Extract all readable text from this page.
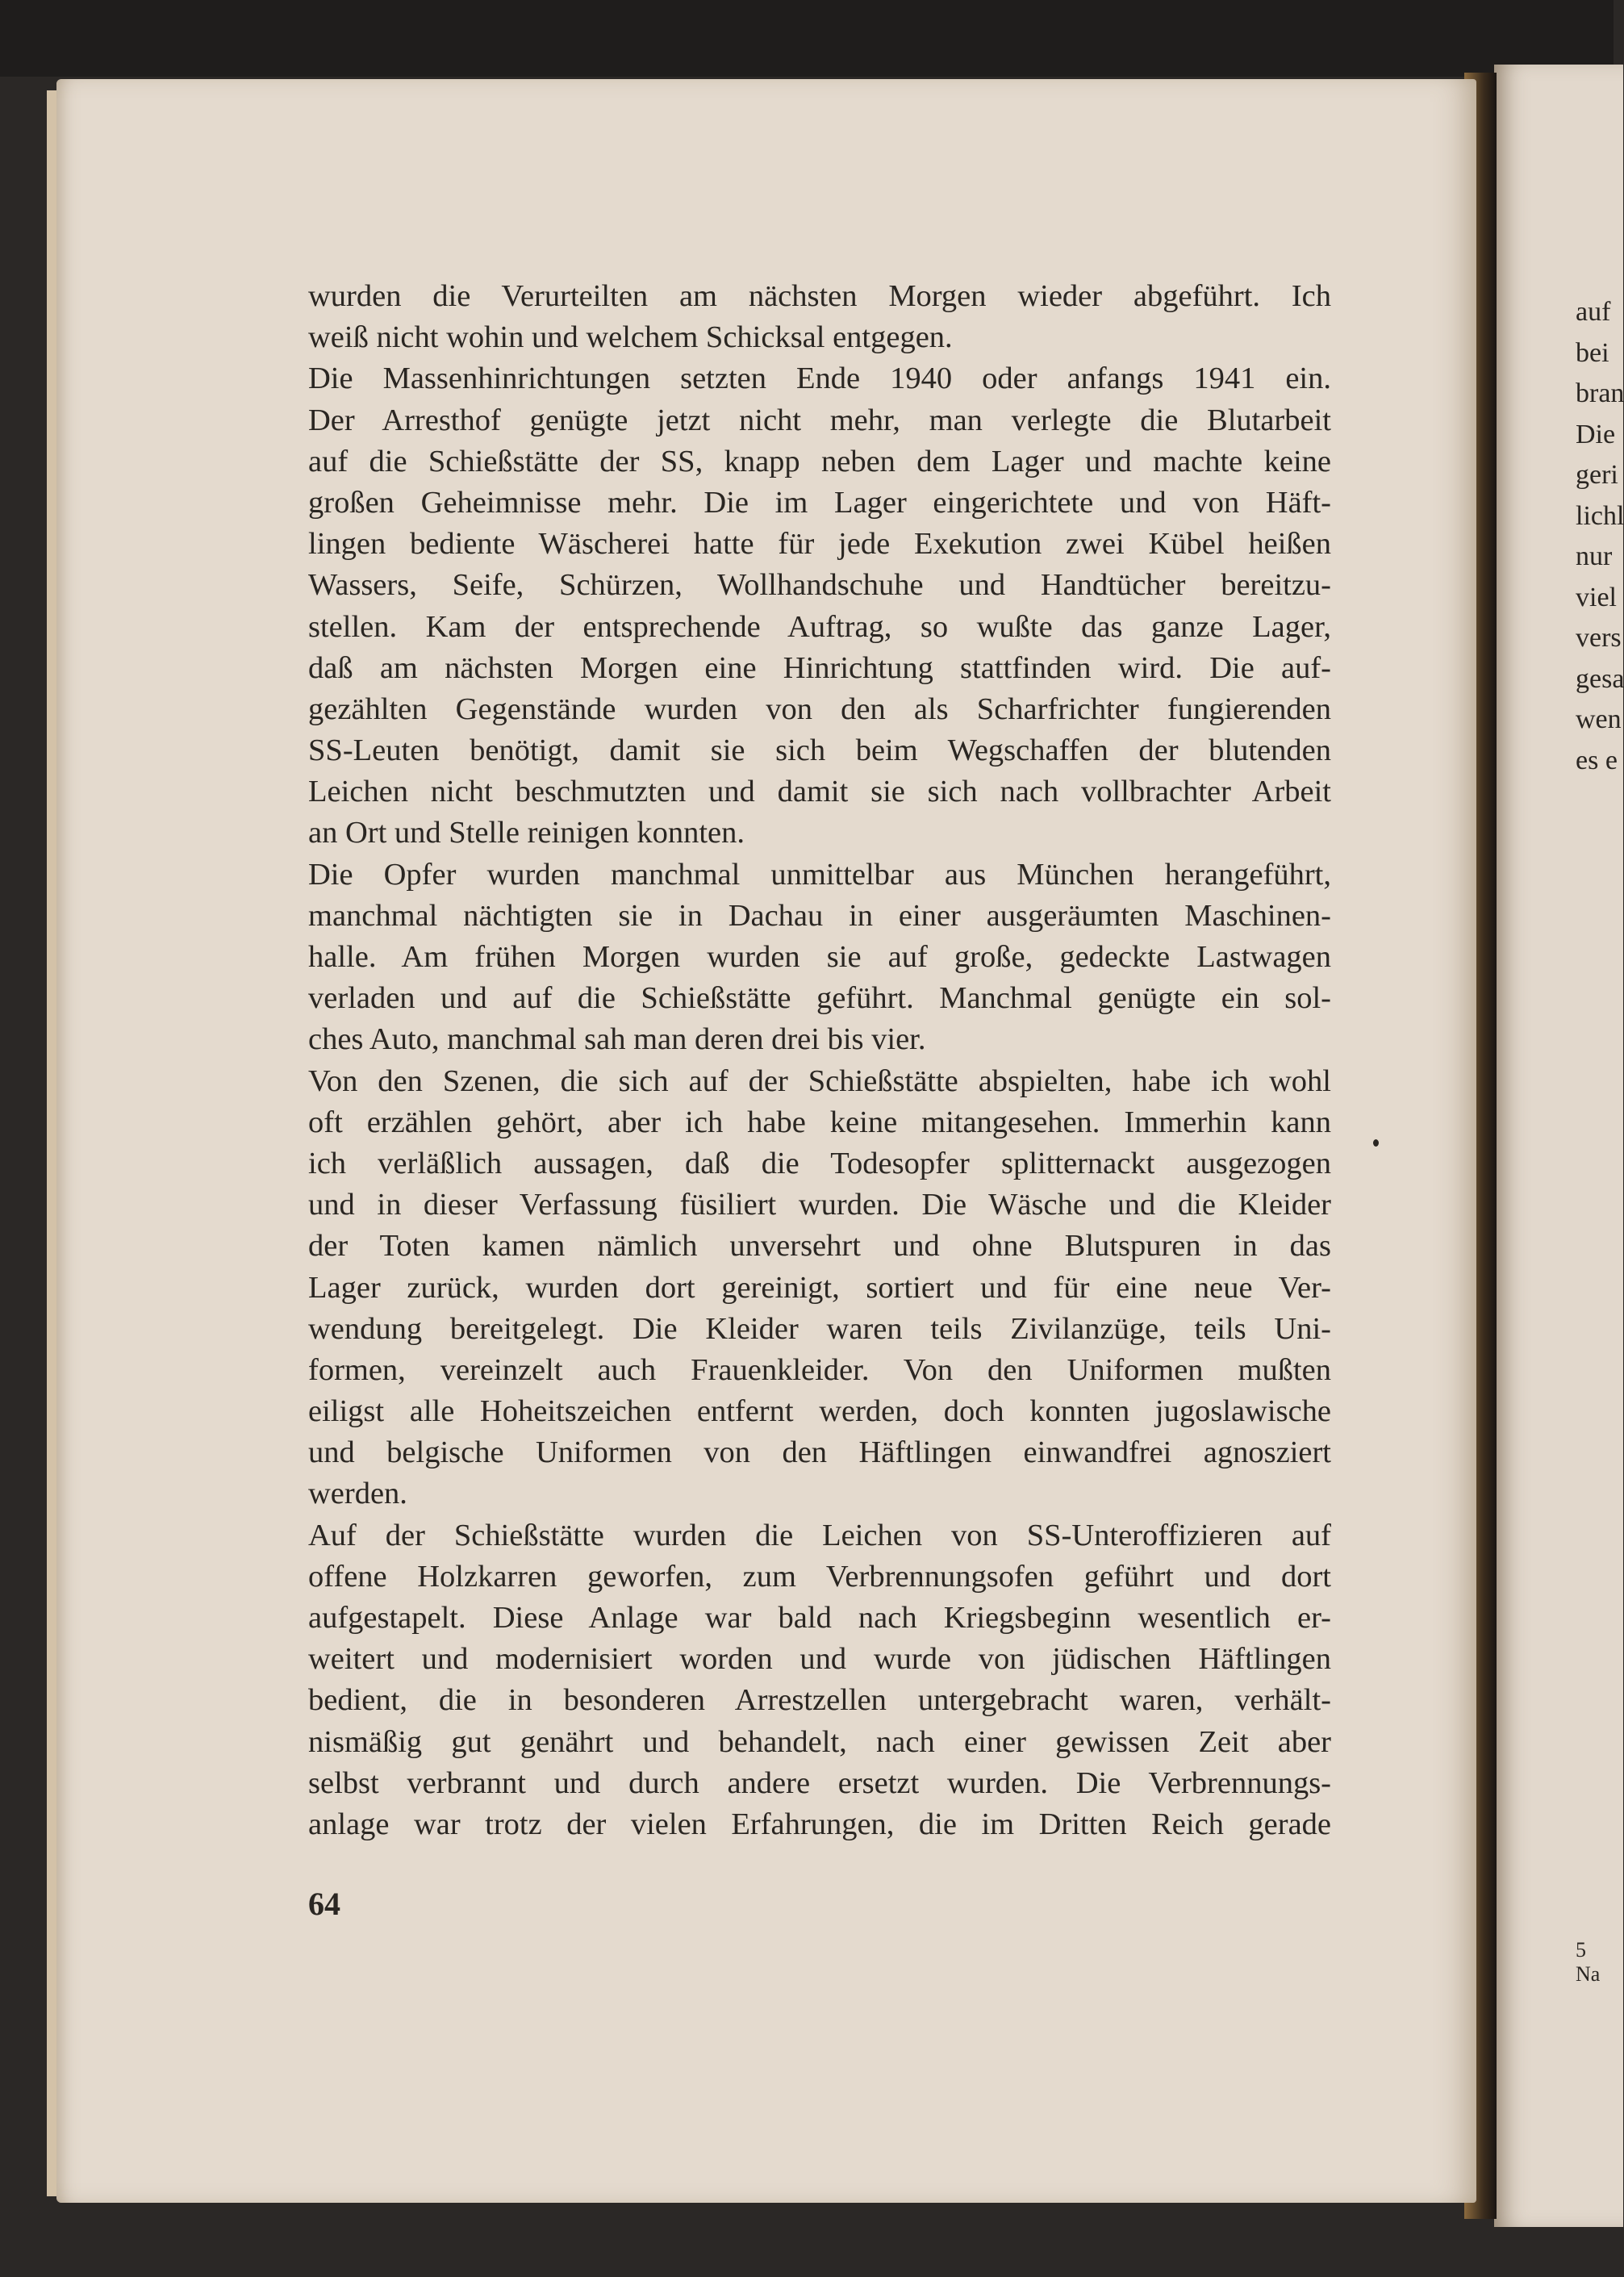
wurden die Verurteilten am nächsten Morgen wieder abgeführt. Ich
weiß nicht wohin und welchem Schicksal entgegen.
Die Massenhinrichtungen setzten Ende 1940 oder anfangs 1941 ein.
Der Arresthof genügte jetzt nicht mehr, man verlegte die Blutarbeit
auf die Schießstätte der SS, knapp neben dem Lager und machte keine
großen Geheimnisse mehr. Die im Lager eingerichtete und von Häft-
lingen bediente Wäscherei hatte für jede Exekution zwei Kübel heißen
Wassers, Seife, Schürzen, Wollhandschuhe und Handtücher bereitzu-
stellen. Kam der entsprechende Auftrag, so wußte das ganze Lager,
daß am nächsten Morgen eine Hinrichtung stattfinden wird. Die auf-
gezählten Gegenstände wurden von den als Scharfrichter fungierenden
SS-Leuten benötigt, damit sie sich beim Wegschaffen der blutenden
Leichen nicht beschmutzten und damit sie sich nach vollbrachter Arbeit
an Ort und Stelle reinigen konnten.
Die Opfer wurden manchmal unmittelbar aus München herangeführt,
manchmal nächtigten sie in Dachau in einer ausgeräumten Maschinen-
halle. Am frühen Morgen wurden sie auf große, gedeckte Lastwagen
verladen und auf die Schießstätte geführt. Manchmal genügte ein sol-
ches Auto, manchmal sah man deren drei bis vier.
Von den Szenen, die sich auf der Schießstätte abspielten, habe ich wohl
oft erzählen gehört, aber ich habe keine mitangesehen. Immerhin kann
ich verläßlich aussagen, daß die Todesopfer splitternackt ausgezogen
und in dieser Verfassung füsiliert wurden. Die Wäsche und die Kleider
der Toten kamen nämlich unversehrt und ohne Blutspuren in das
Lager zurück, wurden dort gereinigt, sortiert und für eine neue Ver-
wendung bereitgelegt. Die Kleider waren teils Zivilanzüge, teils Uni-
formen, vereinzelt auch Frauenkleider. Von den Uniformen mußten
eiligst alle Hoheitszeichen entfernt werden, doch konnten jugoslawische
und belgische Uniformen von den Häftlingen einwandfrei agnosziert
werden.
Auf der Schießstätte wurden die Leichen von SS-Unteroffizieren auf
offene Holzkarren geworfen, zum Verbrennungsofen geführt und dort
aufgestapelt. Diese Anlage war bald nach Kriegsbeginn wesentlich er-
weitert und modernisiert worden und wurde von jüdischen Häftlingen
bedient, die in besonderen Arrestzellen untergebracht waren, verhält-
nismäßig gut genährt und behandelt, nach einer gewissen Zeit aber
selbst verbrannt und durch andere ersetzt wurden. Die Verbrennungs-
anlage war trotz der vielen Erfahrungen, die im Dritten Reich gerade
64
auf
bei
bran
Die
geri
lichl
nur
viel
vers
gesa
wen
es e
5 Na
